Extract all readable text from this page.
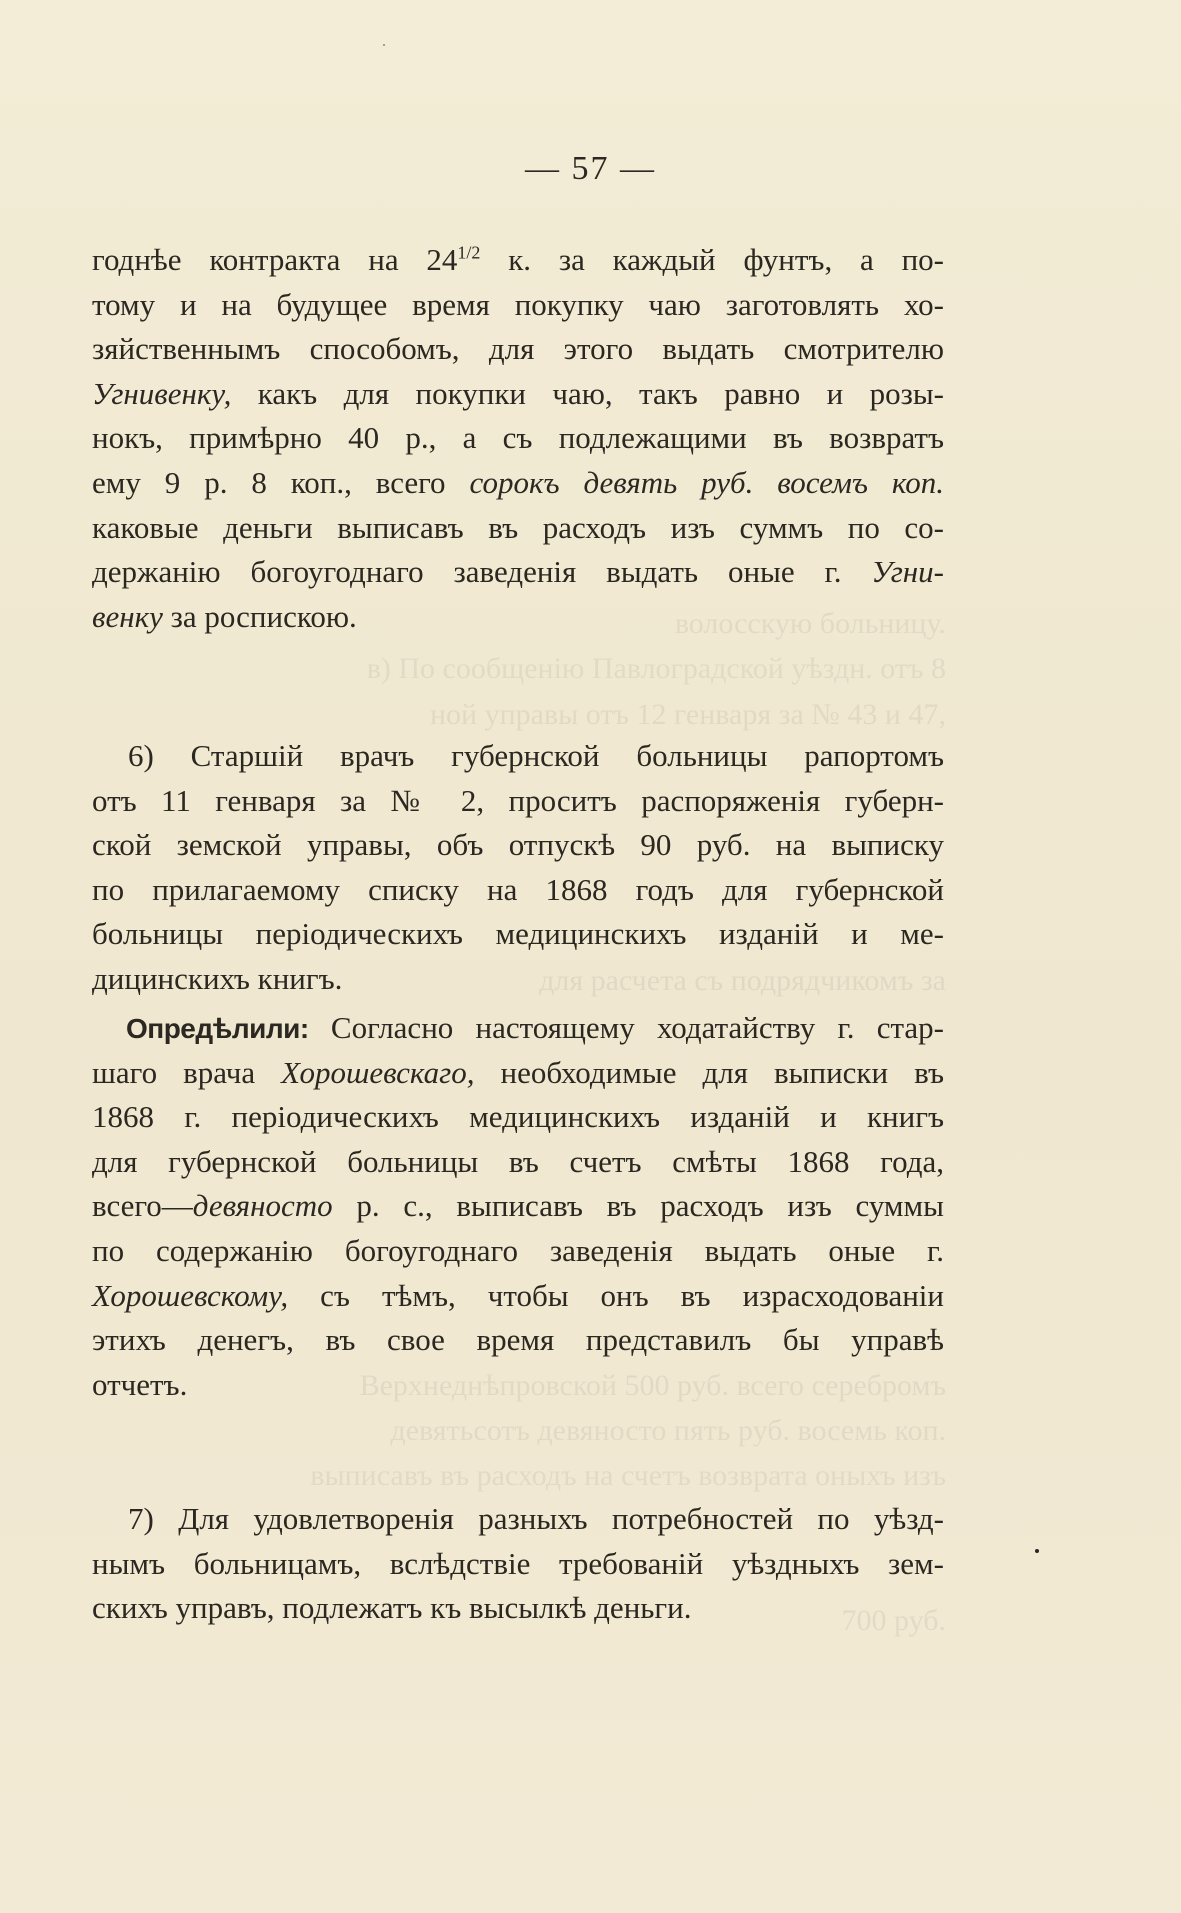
волосскую больницу.
в) По сообщенію Павлоградской уѣздн. отъ 8
ной управы отъ 12 генваря за № 43 и 47,
для расчета съ подрядчикомъ за
Верхнеднѣпровской 500 руб. всего серебромъ
девятьсотъ девяносто пять руб. восемь коп.
выписавъ въ расходъ на счетъ возврата оныхъ изъ
700 руб.
— 57 —
годнѣе контракта на $24^{1/2}$ к. за каждый фунтъ, а по-
тому и на будущее время покупку чаю заготовлять хо-
зяйственнымъ способомъ, для этого выдать смотрителю
Угнивенку, какъ для покупки чаю, такъ равно и розы-
нокъ, примѣрно 40 р., а съ подлежащими въ возвратъ
ему 9 р. 8 коп., всего сорокъ девять руб. восемъ коп.
каковые деньги выписавъ въ расходъ изъ суммъ по со-
держанію богоугоднаго заведенія выдать оные г. Угни-
венку за роспискою.
6) Старшій врачъ губернской больницы рапортомъ
отъ 11 генваря за № 2, проситъ распоряженія губерн-
ской земской управы, объ отпускѣ 90 руб. на выписку
по прилагаемому списку на 1868 годъ для губернской
больницы періодическихъ медицинскихъ изданій и ме-
дицинскихъ книгъ.
Опредѣлили: Согласно настоящему ходатайству г. стар-
шаго врача Хорошевскаго, необходимые для выписки въ
1868 г. періодическихъ медицинскихъ изданій и книгъ
для губернской больницы въ счетъ смѣты 1868 года,
всего—девяносто р. с., выписавъ въ расходъ изъ суммы
по содержанію богоугоднаго заведенія выдать оные г.
Хорошевскому, съ тѣмъ, чтобы онъ въ израсходованіи
этихъ денегъ, въ свое время представилъ бы управѣ
отчетъ.
7) Для удовлетворенія разныхъ потребностей по уѣзд-
нымъ больницамъ, вслѣдствіе требованій уѣздныхъ зем-
скихъ управъ, подлежатъ къ высылкѣ деньги.
